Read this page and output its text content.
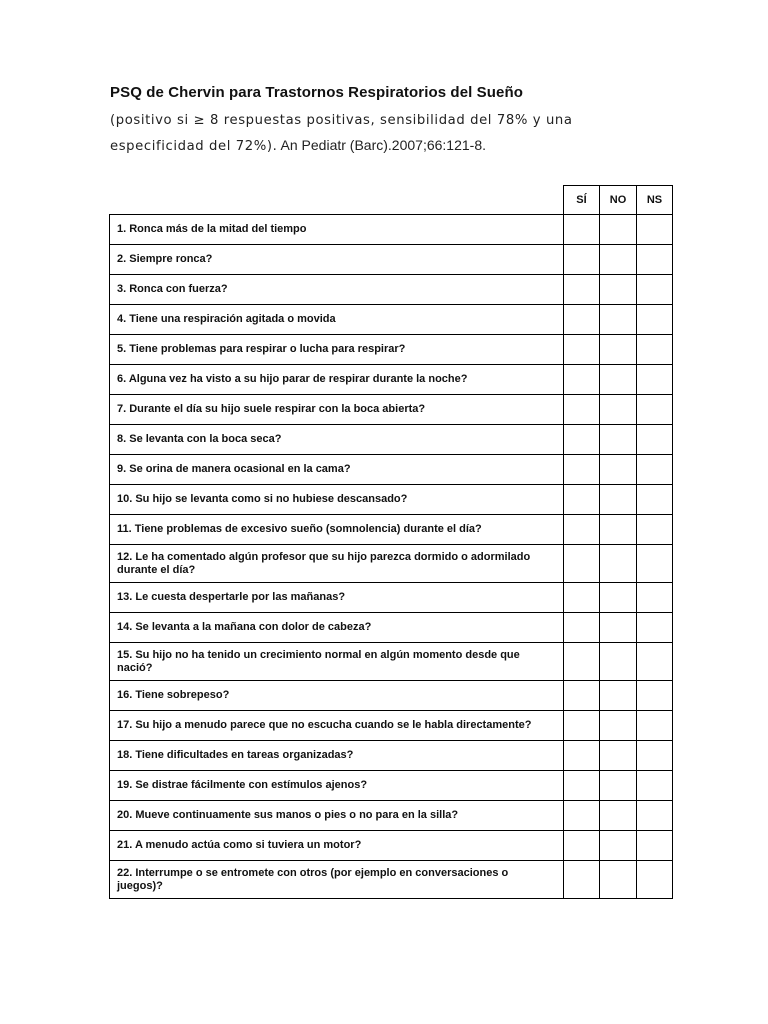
PSQ de Chervin para Trastornos Respiratorios del Sueño

(positivo si ≥ 8 respuestas positivas, sensibilidad del 78% y una
especificidad del 72%). An Pediatr (Barc).2007;66:121-8.

	SÍ	NO	NS
1. Ronca más de la mitad del tiempo	

2. Siempre ronca?	

3. Ronca con fuerza?	

4. Tiene una respiración agitada o movida	

5. Tiene problemas para respirar o lucha para respirar?	

6. Alguna vez ha visto a su hijo parar de respirar durante la noche?	

7. Durante el día su hijo suele respirar con la boca abierta?	

8. Se levanta con la boca seca?	

9. Se orina de manera ocasional en la cama?	

10. Su hijo se levanta como si no hubiese descansado?	

11. Tiene problemas de excesivo sueño (somnolencia) durante el día?	

12. Le ha comentado algún profesor que su hijo parezca dormido o adormilado durante el día?	

13. Le cuesta despertarle por las mañanas?	

14. Se levanta a la mañana con dolor de cabeza?	

15. Su hijo no ha tenido un crecimiento normal en algún momento desde que nació?	

16. Tiene sobrepeso?	

17. Su hijo a menudo parece que no escucha cuando se le habla directamente?	

18. Tiene dificultades en tareas organizadas?	

19. Se distrae fácilmente con estímulos ajenos?	

20. Mueve continuamente sus manos o pies o no para en la silla?	

21. A menudo actúa como si tuviera un motor?	

22. Interrumpe o se entromete con otros (por ejemplo en conversaciones o juegos)?	
